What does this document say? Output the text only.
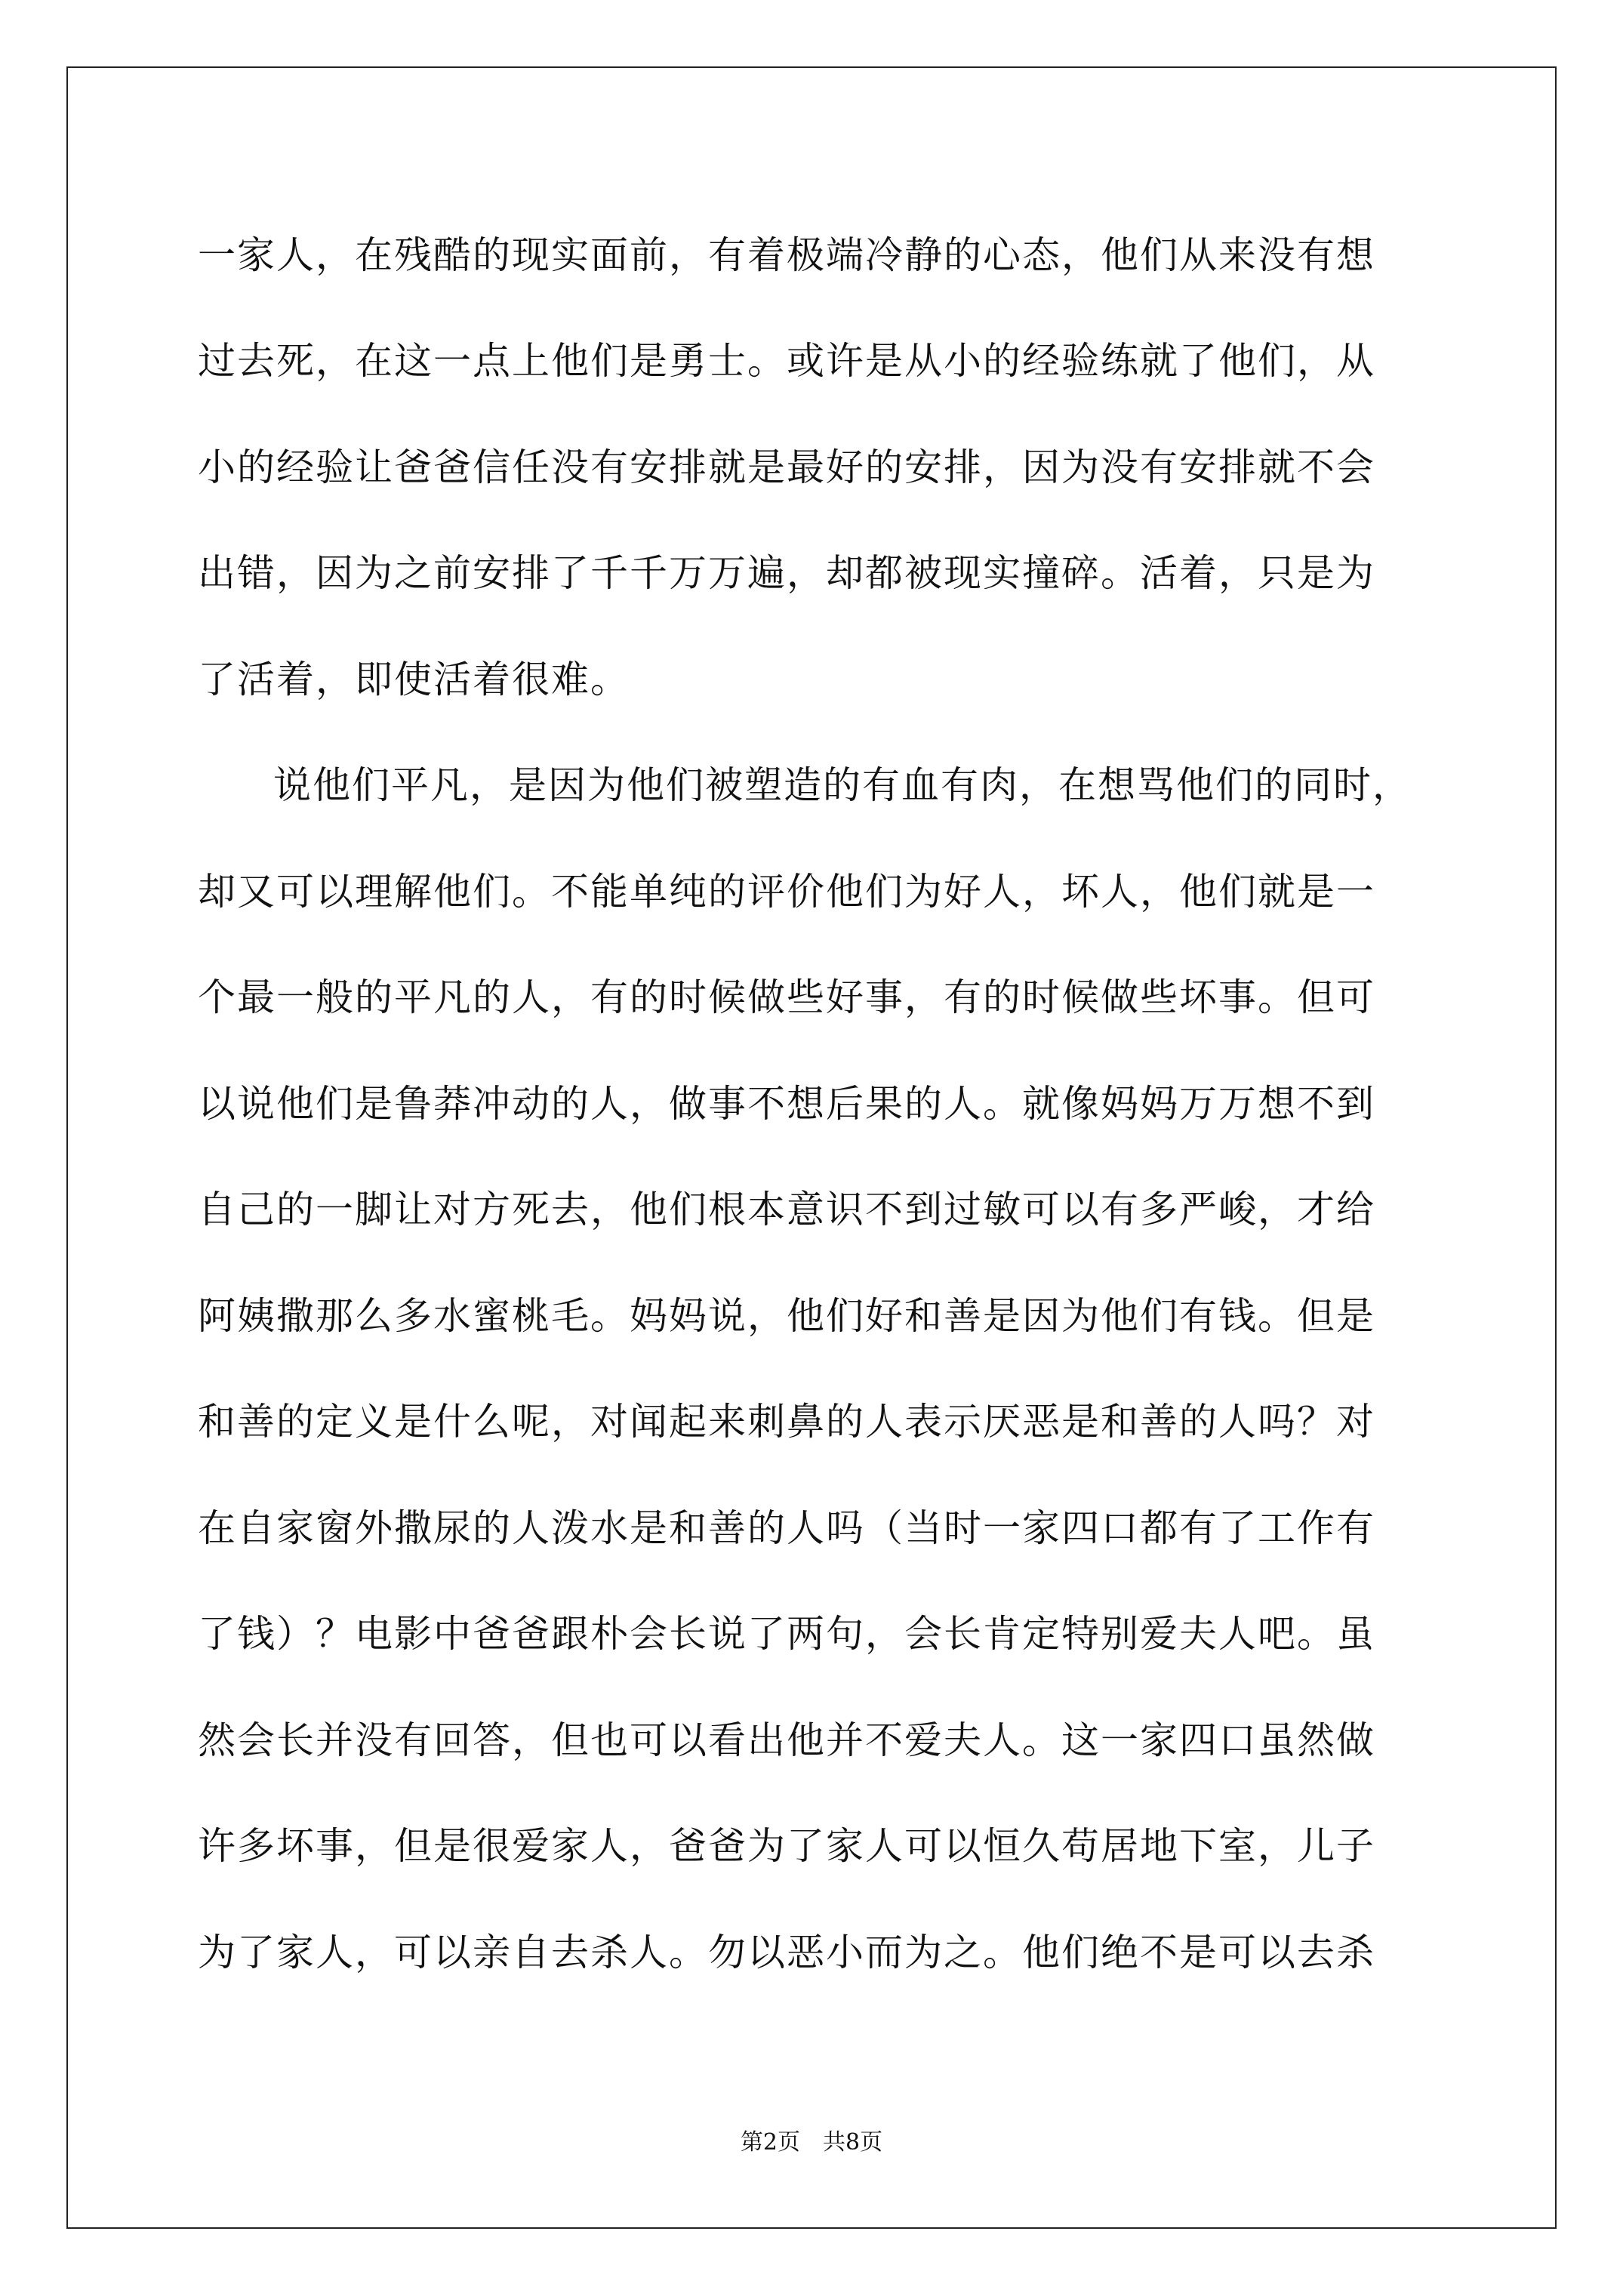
一家人，在残酷的现实面前，有着极端冷静的心态，他们从来没有想
过去死，在这一点上他们是勇士。或许是从小的经验练就了他们，从
小的经验让爸爸信任没有安排就是最好的安排，因为没有安排就不会
出错，因为之前安排了千千万万遍，却都被现实撞碎。活着，只是为
了活着，即使活着很难。
说他们平凡，是因为他们被塑造的有血有肉，在想骂他们的同时，
却又可以理解他们。不能单纯的评价他们为好人，坏人，他们就是一
个最一般的平凡的人，有的时候做些好事，有的时候做些坏事。但可
以说他们是鲁莽冲动的人，做事不想后果的人。就像妈妈万万想不到
自己的一脚让对方死去，他们根本意识不到过敏可以有多严峻，才给
阿姨撒那么多水蜜桃毛。妈妈说，他们好和善是因为他们有钱。但是
和善的定义是什么呢，对闻起来刺鼻的人表示厌恶是和善的人吗？对
在自家窗外撒尿的人泼水是和善的人吗（当时一家四口都有了工作有
了钱）？电影中爸爸跟朴会长说了两句，会长肯定特别爱夫人吧。虽
然会长并没有回答，但也可以看出他并不爱夫人。这一家四口虽然做
许多坏事，但是很爱家人，爸爸为了家人可以恒久苟居地下室，儿子
为了家人，可以亲自去杀人。勿以恶小而为之。他们绝不是可以去杀
第2页　共8页
